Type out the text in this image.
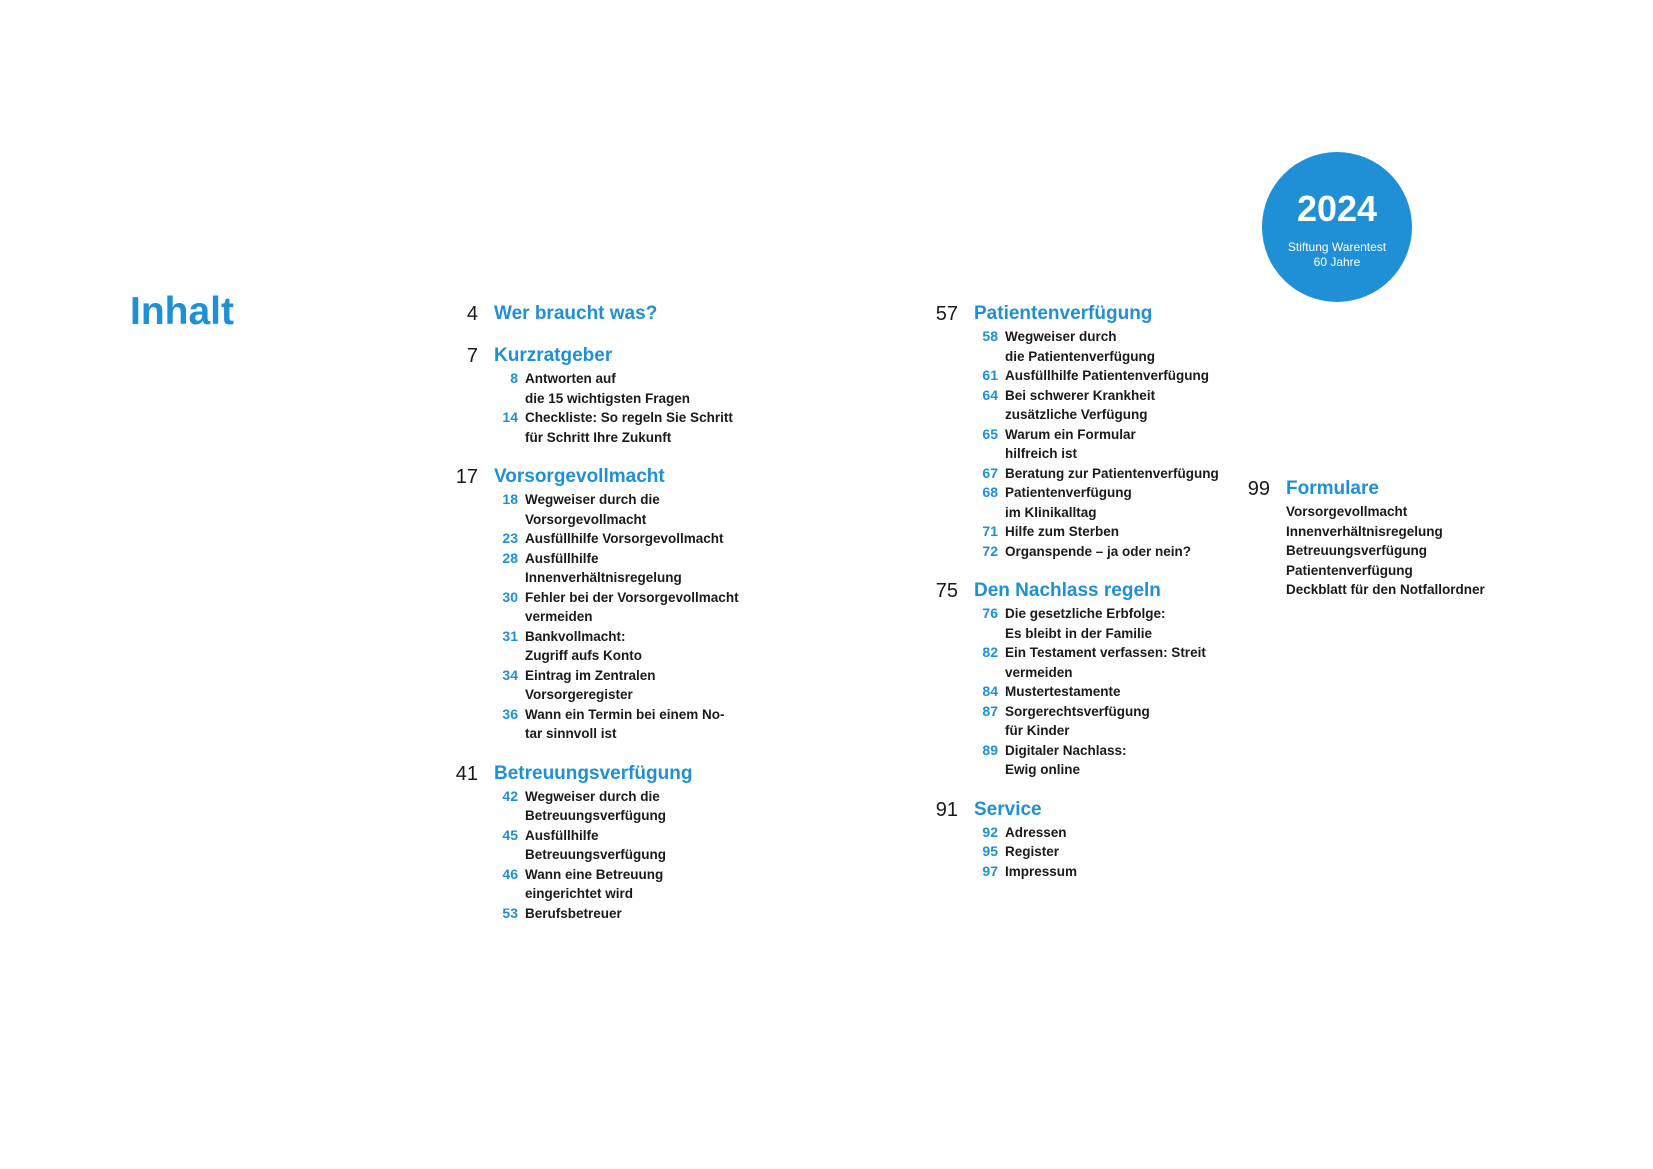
Inhalt
2024
Stiftung Warentest
60 Jahre
4 Wer braucht was?
7 Kurzratgeber
8 Antworten auf
die 15 wichtigsten Fragen
14 Checkliste: So regeln Sie Schritt
für Schritt Ihre Zukunft
17 Vorsorgevollmacht
18 Wegweiser durch die
Vorsorgevollmacht
23 Ausfüllhilfe Vorsorgevollmacht
28 Ausfüllhilfe
Innenverhältnisregelung
30 Fehler bei der Vorsorgevollmacht
vermeiden
31 Bankvollmacht:
Zugriff aufs Konto
34 Eintrag im Zentralen
Vorsorgeregister
36 Wann ein Termin bei einem No-
tar sinnvoll ist
41 Betreuungsverfügung
42 Wegweiser durch die
Betreuungsverfügung
45 Ausfüllhilfe
Betreuungsverfügung
46 Wann eine Betreuung
eingerichtet wird
53 Berufsbetreuer
57 Patientenverfügung
58 Wegweiser durch
die Patientenverfügung
61 Ausfüllhilfe Patientenverfügung
64 Bei schwerer Krankheit
zusätzliche Verfügung
65 Warum ein Formular
hilfreich ist
67 Beratung zur Patientenverfügung
68 Patientenverfügung
im Klinikalltag
71 Hilfe zum Sterben
72 Organspende – ja oder nein?
75 Den Nachlass regeln
76 Die gesetzliche Erbfolge:
Es bleibt in der Familie
82 Ein Testament verfassen: Streit
vermeiden
84 Mustertestamente
87 Sorgerechtsverfügung
für Kinder
89 Digitaler Nachlass:
Ewig online
91 Service
92 Adressen
95 Register
97 Impressum
99 Formulare
Vorsorgevollmacht
Innenverhältnisregelung
Betreuungsverfügung
Patientenverfügung
Deckblatt für den Notfallordner
